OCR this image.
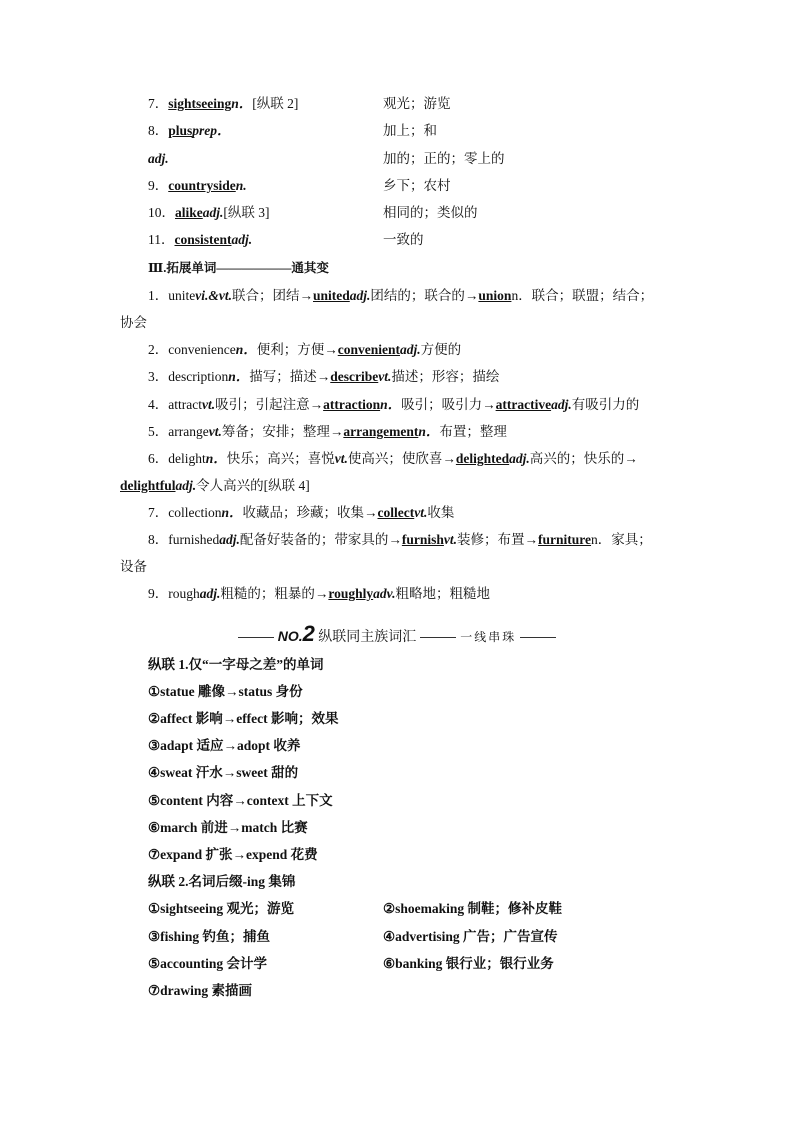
7．sightseeingn．[纵联 2]	观光；游览
8．plusprep．	加上；和
adj.	加的；正的；零上的
9．countrysiden.	乡下；农村
10．alikeadj.[纵联 3]	相同的；类似的
11．consistentadj.	一致的
Ⅲ.拓展单词——————通其变
1．unitevi.&vt.联合；团结→unitedadj.团结的；联合的→unionn．联合；联盟；结合；
协会
2．conveniencen．便利；方便→convenientadj.方便的
3．descriptionn．描写；描述→describevt.描述；形容；描绘
4．attractvt.吸引；引起注意→attractionn．吸引；吸引力→attractiveadj.有吸引力的
5．arrangevt.筹备；安排；整理→arrangementn．布置；整理
6．delightn．快乐；高兴；喜悦vt.使高兴；使欣喜→delightedadj.高兴的；快乐的→
delightfuladj.令人高兴的[纵联 4]
7．collectionn．收藏品；珍藏；收集→collectvt.收集
8．furnishedadj.配备好装备的；带家具的→furnishvt.装修；布置→furnituren．家具；
设备
9．roughadj.粗糙的；粗暴的→roughlyadv.粗略地；粗糙地
NO.2 纵联同主族词汇	一线串珠
纵联 1.仅“一字母之差”的单词
①statue 雕像→status 身份
②affect 影响→effect 影响；效果
③adapt 适应→adopt 收养
④sweat 汗水→sweet 甜的
⑤content 内容→context 上下文
⑥march 前进→match 比赛
⑦expand 扩张→expend 花费
纵联 2.名词后缀-ing 集锦
①sightseeing 观光；游览	②shoemaking 制鞋；修补皮鞋
③fishing 钓鱼；捕鱼	④advertising 广告；广告宣传
⑤accounting 会计学	⑥banking 银行业；银行业务
⑦drawing 素描画
